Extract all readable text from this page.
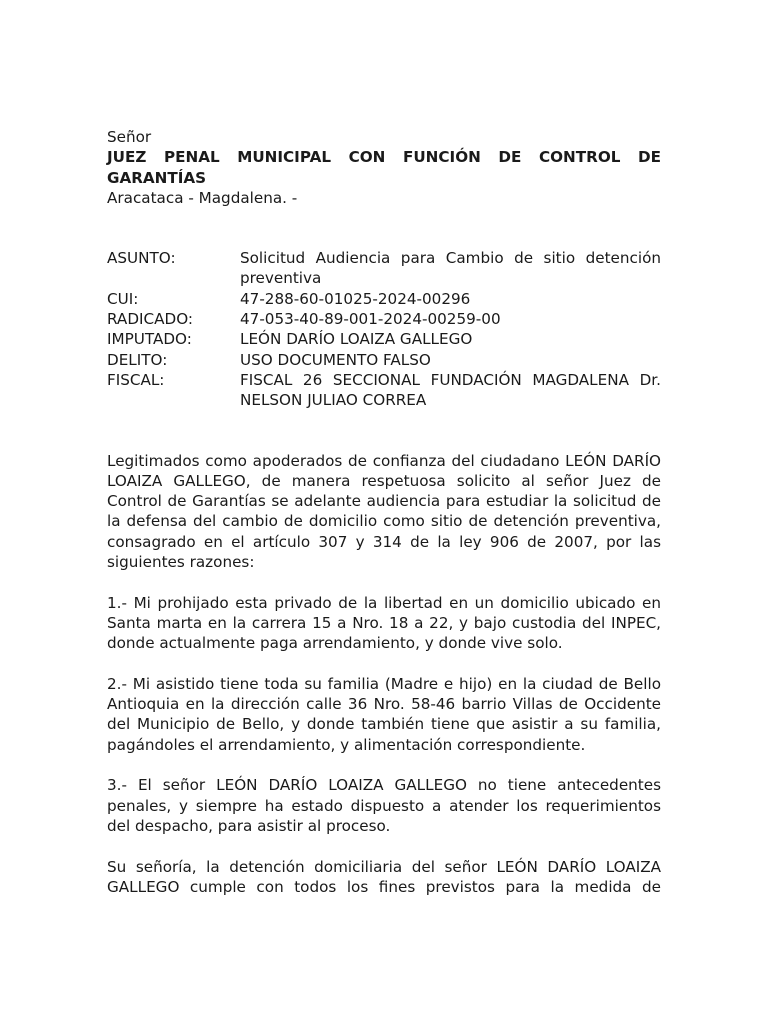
Señor
JUEZ PENAL MUNICIPAL CON FUNCIÓN DE CONTROL DE GARANTÍAS
Aracataca - Magdalena. -
ASUNTO:	Solicitud Audiencia para Cambio de sitio detención preventiva
CUI:	47-288-60-01025-2024-00296
RADICADO:	47-053-40-89-001-2024-00259-00
IMPUTADO:	LEÓN DARÍO LOAIZA GALLEGO
DELITO:	USO DOCUMENTO FALSO
FISCAL:	FISCAL 26 SECCIONAL FUNDACIÓN MAGDALENA Dr. NELSON JULIAO CORREA

Legitimados como apoderados de confianza del ciudadano LEÓN DARÍO LOAIZA GALLEGO, de manera respetuosa solicito al señor Juez de Control de Garantías se adelante audiencia para estudiar la solicitud de la defensa del cambio de domicilio como sitio de detención preventiva, consagrado en el artículo 307 y 314 de la ley 906 de 2007, por las siguientes razones:

1.- Mi prohijado esta privado de la libertad en un domicilio ubicado en Santa marta en la carrera 15 a Nro. 18 a 22, y bajo custodia del INPEC, donde actualmente paga arrendamiento, y donde vive solo.

2.- Mi asistido tiene toda su familia (Madre e hijo) en la ciudad de Bello Antioquia en la dirección calle 36 Nro. 58-46 barrio Villas de Occidente del Municipio de Bello, y donde también tiene que asistir a su familia, pagándoles el arrendamiento, y alimentación correspondiente.

3.- El señor LEÓN DARÍO LOAIZA GALLEGO no tiene antecedentes penales, y siempre ha estado dispuesto a atender los requerimientos del despacho, para asistir al proceso.

Su señoría, la detención domiciliaria del señor LEÓN DARÍO LOAIZA GALLEGO cumple con todos los fines previstos para la medida de
